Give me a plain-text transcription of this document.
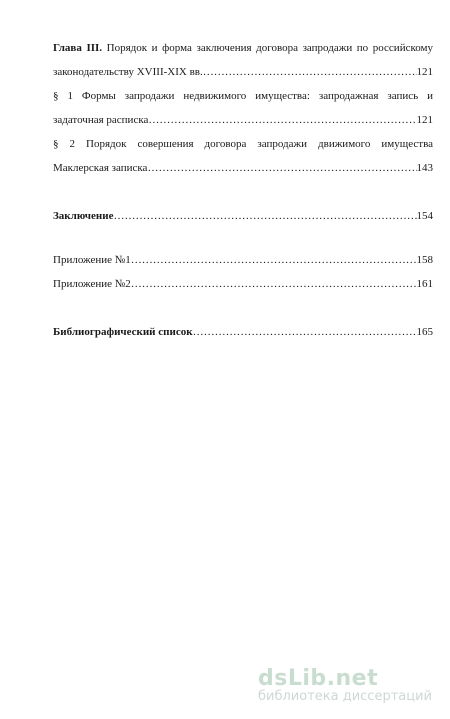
Глава III. Порядок и форма заключения договора запродажи по российскому
законодательству XVIII-XIX вв. ……………………………………………………………………………………………………………………………………………………	121
§ 1 Формы запродажи недвижимого имущества: запродажная запись и
задаточная расписка ……………………………………………………………………………………………………………………………………………………	121
§ 2 Порядок совершения договора запродажи движимого имущества
Маклерская записка ……………………………………………………………………………………………………………………………………………………	143
Заключение ……………………………………………………………………………………………………………………………………………………	154
Приложение №1 ……………………………………………………………………………………………………………………………………………………	158
Приложение №2 ……………………………………………………………………………………………………………………………………………………	161
Библиографический список ……………………………………………………………………………………………………………………………………………………	165
dsLib.net
библиотека диссертаций
